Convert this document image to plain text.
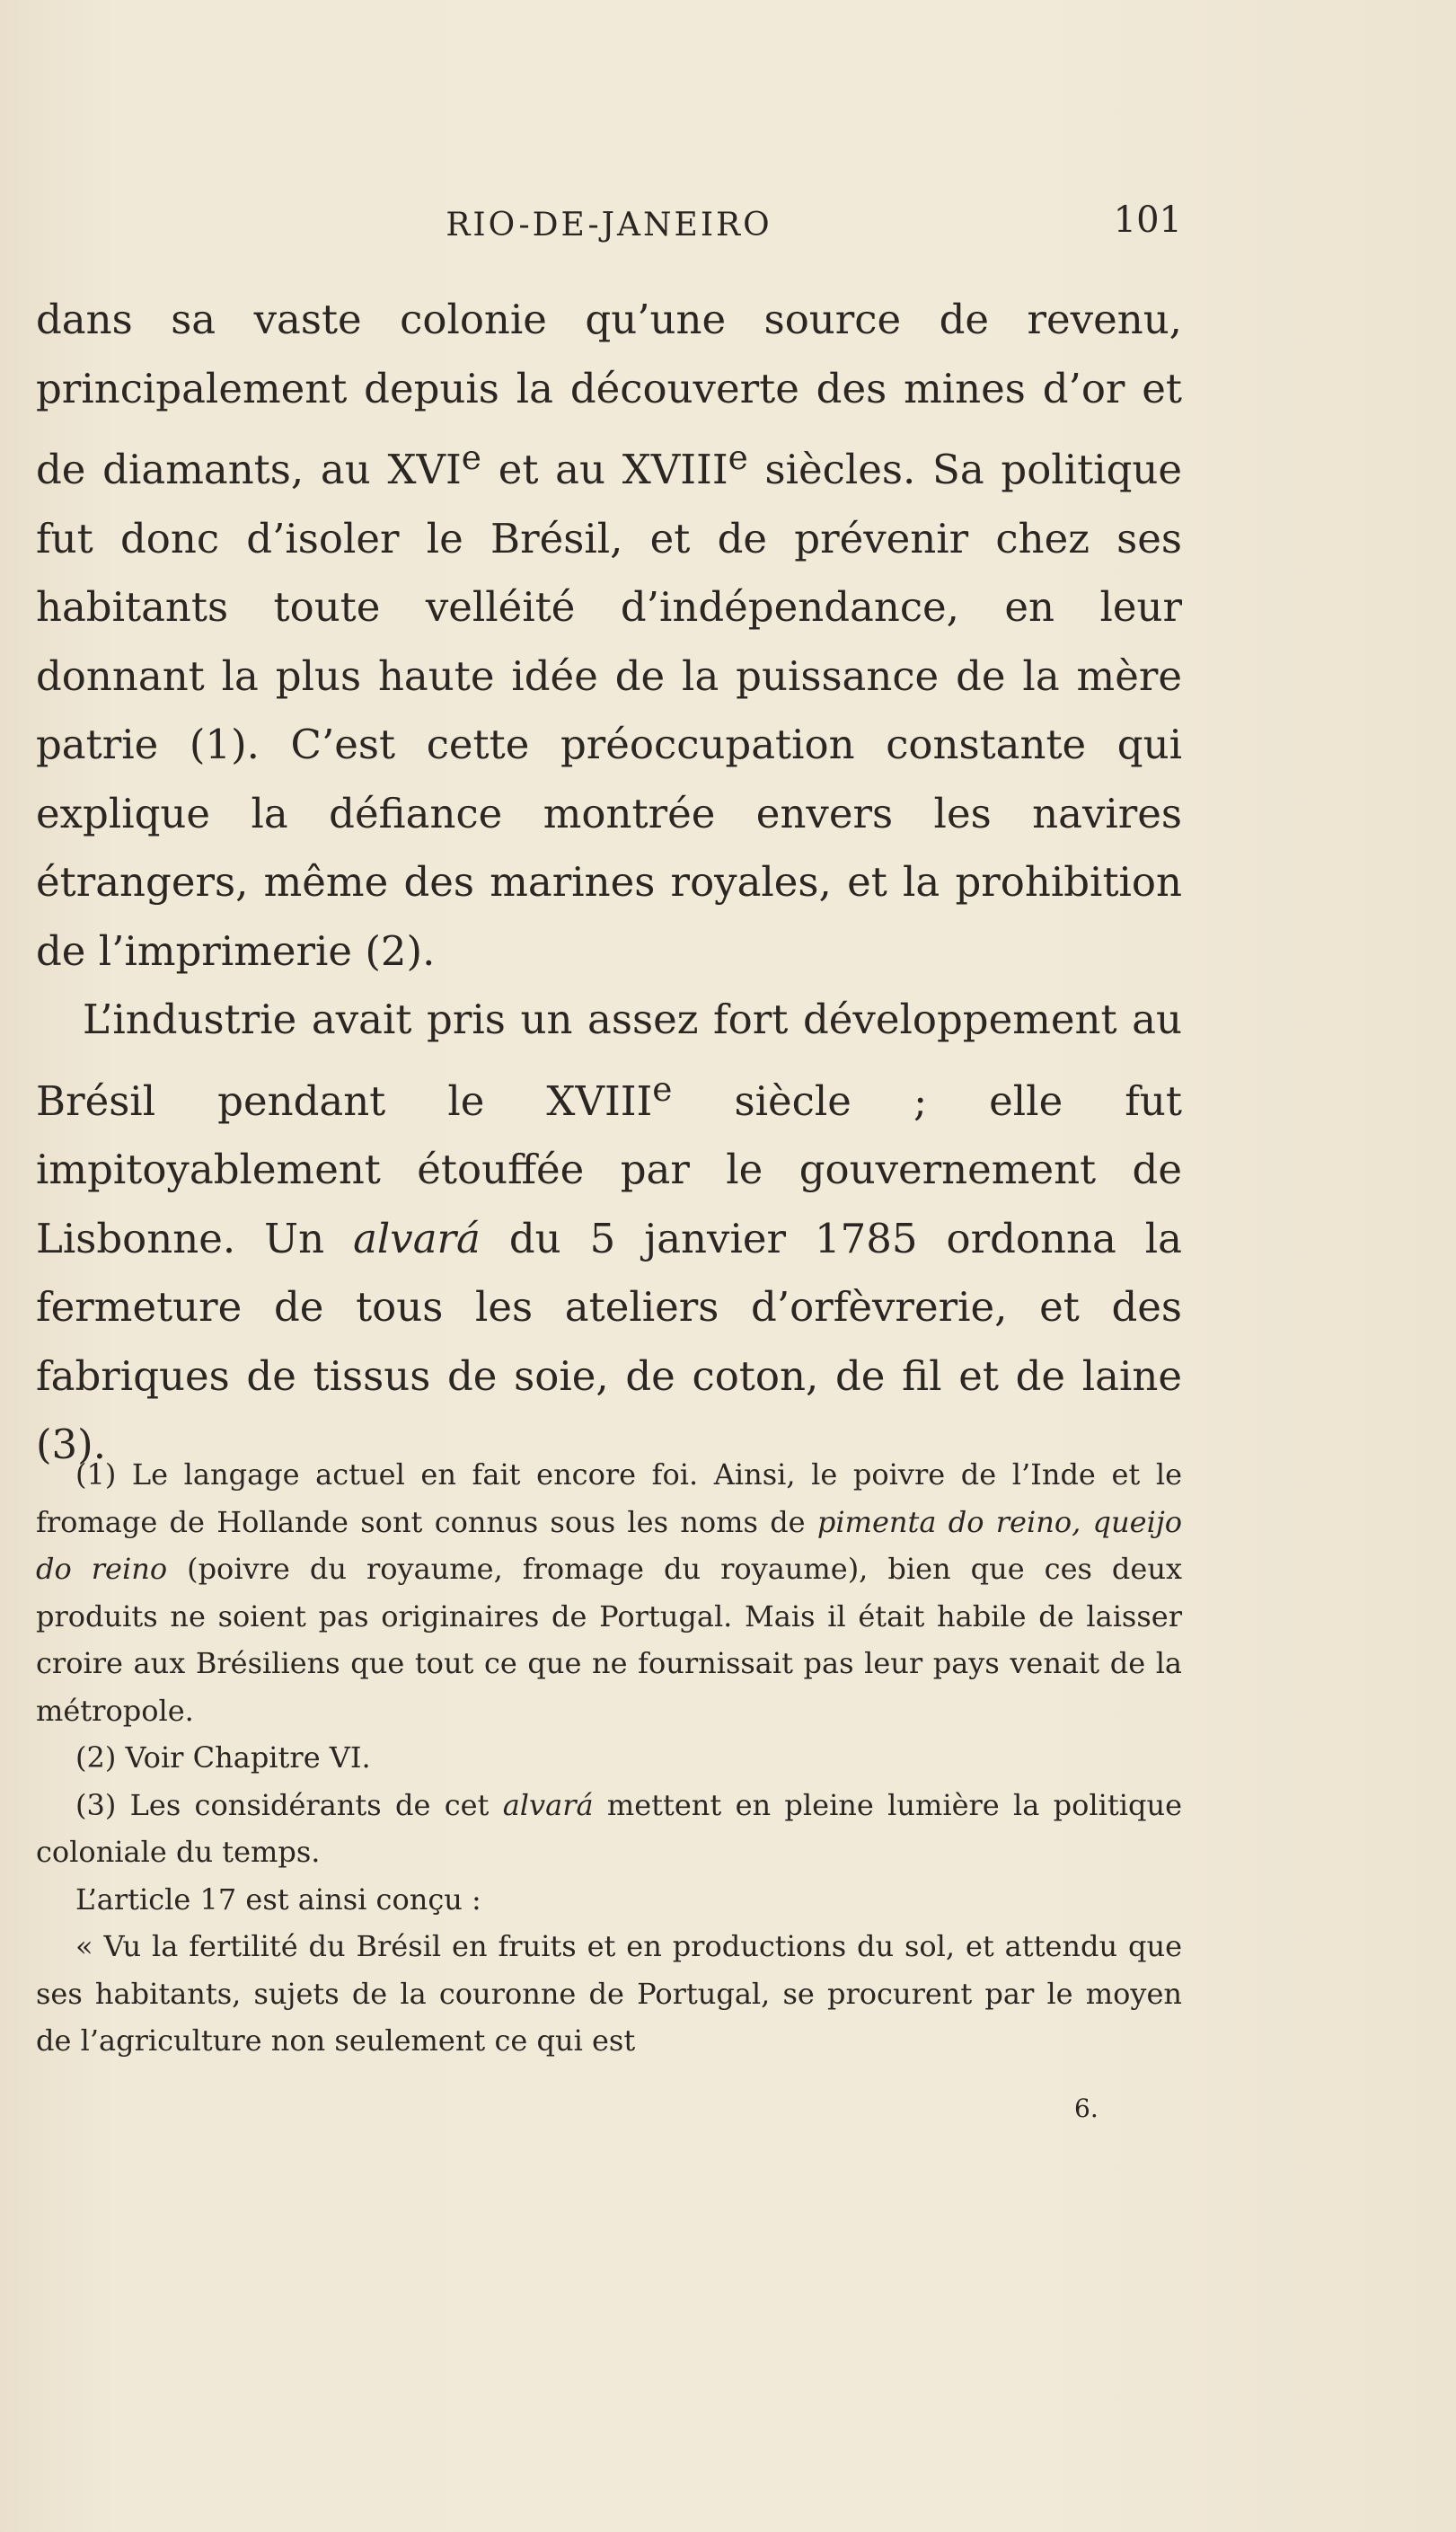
RIO-DE-JANEIRO	101

dans sa vaste colonie qu’une source de revenu, principalement depuis la découverte des mines d’or et de diamants, au XVIe et au XVIIIe siècles. Sa politique fut donc d’isoler le Brésil, et de prévenir chez ses habitants toute velléité d’indépendance, en leur donnant la plus haute idée de la puissance de la mère patrie (1). C’est cette préoccupation constante qui explique la défiance montrée envers les navires étrangers, même des marines royales, et la prohibition de l’imprimerie (2).

L’industrie avait pris un assez fort développement au Brésil pendant le XVIIIe siècle ; elle fut impitoyablement étouffée par le gouvernement de Lisbonne. Un alvará du 5 janvier 1785 ordonna la fermeture de tous les ateliers d’orfèvrerie, et des fabriques de tissus de soie, de coton, de fil et de laine (3).

(1) Le langage actuel en fait encore foi. Ainsi, le poivre de l’Inde et le fromage de Hollande sont connus sous les noms de pimenta do reino, queijo do reino (poivre du royaume, fromage du royaume), bien que ces deux produits ne soient pas originaires de Portugal. Mais il était habile de laisser croire aux Brésiliens que tout ce que ne fournissait pas leur pays venait de la métropole.

(2) Voir Chapitre VI.

(3) Les considérants de cet alvará mettent en pleine lumière la politique coloniale du temps.

L’article 17 est ainsi conçu :

« Vu la fertilité du Brésil en fruits et en productions du sol, et attendu que ses habitants, sujets de la couronne de Portugal, se procurent par le moyen de l’agriculture non seulement ce qui est

6.
